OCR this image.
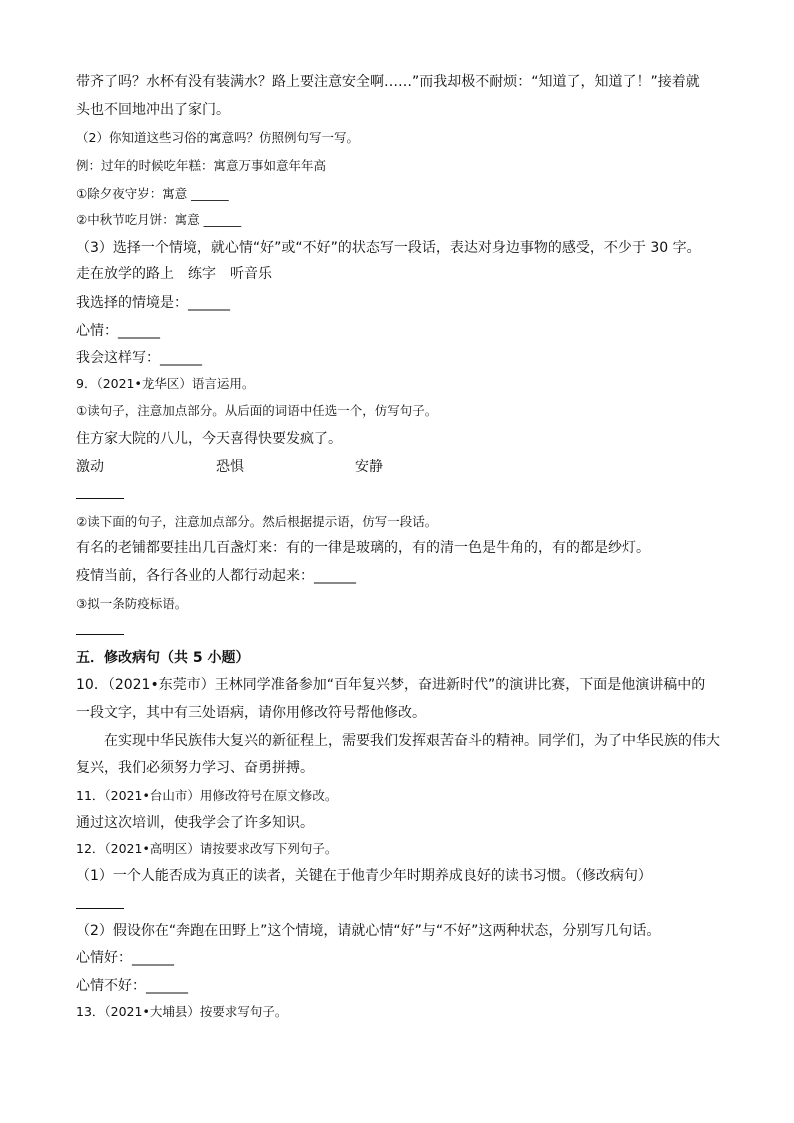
带齐了吗？水杯有没有装满水？路上要注意安全啊……”而我却极不耐烦：“知道了，知道了！”接着就
头也不回地冲出了家门。
（2）你知道这些习俗的寓意吗？仿照例句写一写。
例：过年的时候吃年糕：寓意万事如意年年高
①除夕夜守岁：寓意 ______
②中秋节吃月饼：寓意 ______
（3）选择一个情境，就心情“好”或“不好”的状态写一段话，表达对身边事物的感受，不少于 30 字。
走在放学的路上　练字　听音乐
我选择的情境是：______
心情：______
我会这样写：______
9．（2021•龙华区）语言运用。
①读句子，注意加点部分。从后面的词语中任选一个，仿写句子。
住方家大院的八儿，今天喜得快要发疯了。
激动	恐惧	安静
②读下面的句子，注意加点部分。然后根据提示语，仿写一段话。
有名的老铺都要挂出几百盏灯来：有的一律是玻璃的，有的清一色是牛角的，有的都是纱灯。
疫情当前，各行各业的人都行动起来：______
③拟一条防疫标语。
五．修改病句（共 5 小题）
10．（2021•东莞市）王林同学准备参加“百年复兴梦，奋进新时代”的演讲比赛，下面是他演讲稿中的
一段文字，其中有三处语病，请你用修改符号帮他修改。
在实现中华民族伟大复兴的新征程上，需要我们发挥艰苦奋斗的精神。同学们，为了中华民族的伟大
复兴，我们必须努力学习、奋勇拼搏。
11．（2021•台山市）用修改符号在原文修改。
通过这次培训，使我学会了许多知识。
12．（2021•高明区）请按要求改写下列句子。
（1）一个人能否成为真正的读者，关键在于他青少年时期养成良好的读书习惯。（修改病句）
（2）假设你在“奔跑在田野上”这个情境，请就心情“好”与“不好”这两种状态，分别写几句话。
心情好：______
心情不好：______
13．（2021•大埔县）按要求写句子。
